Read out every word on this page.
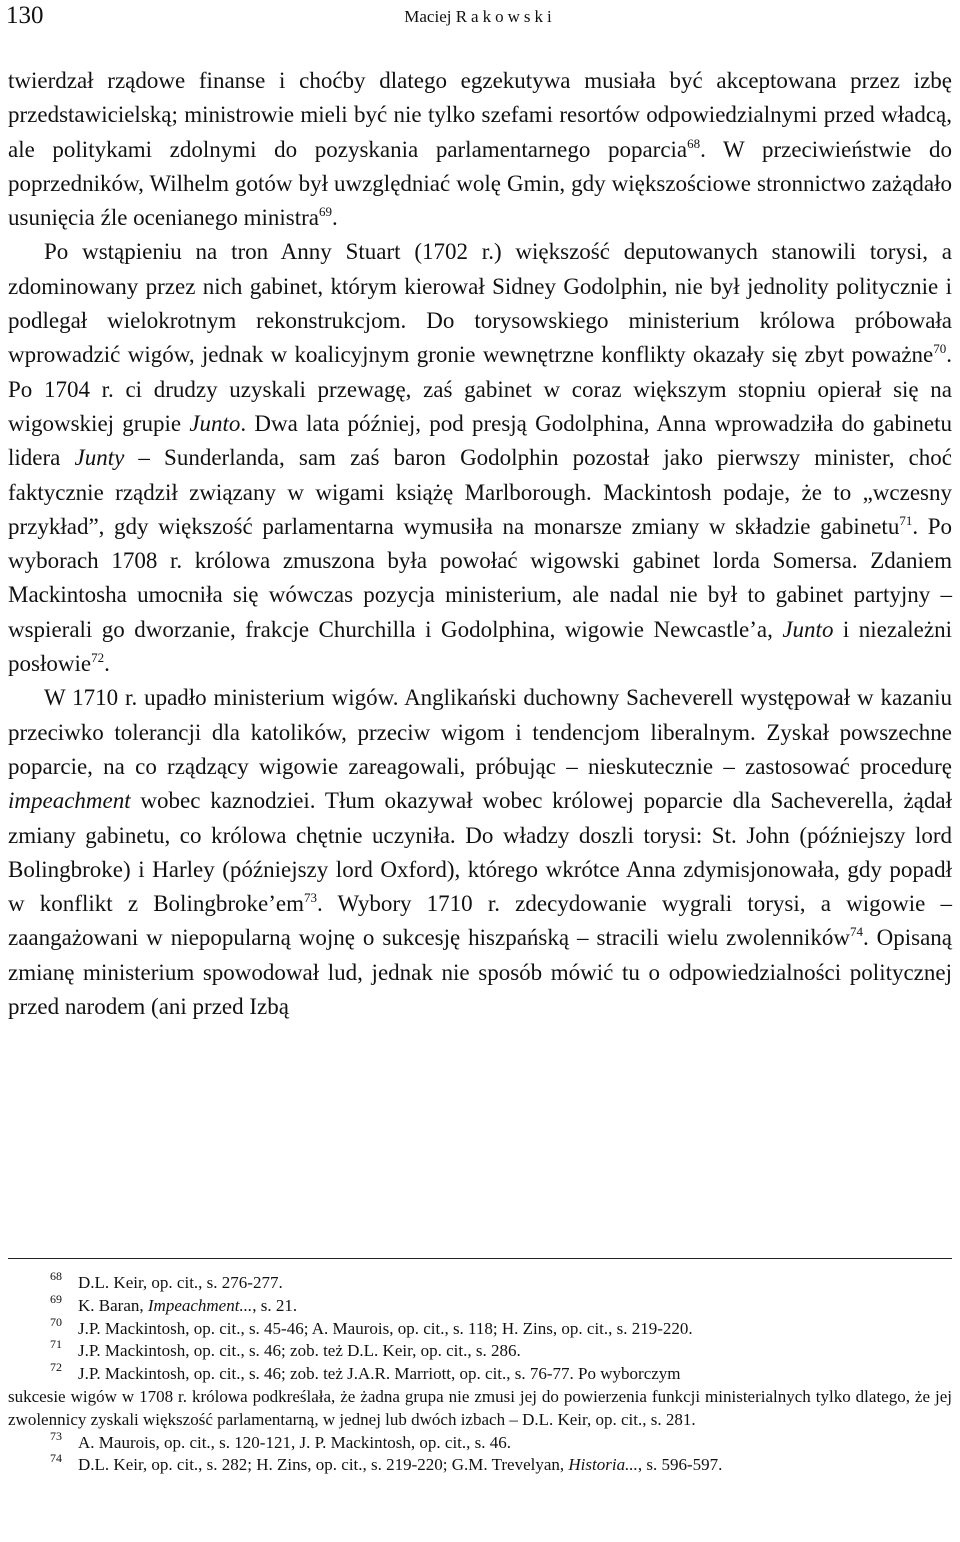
130	Maciej Rakowski

twierdzał rządowe finanse i choćby dlatego egzekutywa musiała być akceptowana przez izbę przedstawicielską; ministrowie mieli być nie tylko szefami resortów odpowiedzialnymi przed władcą, ale politykami zdolnymi do pozyskania parlamentarnego poparcia$^{68}$. W przeciwieństwie do poprzedników, Wilhelm gotów był uwzględniać wolę Gmin, gdy większościowe stronnictwo zażądało usunięcia źle ocenianego ministra$^{69}$.

Po wstąpieniu na tron Anny Stuart (1702 r.) większość deputowanych stanowili torysi, a zdominowany przez nich gabinet, którym kierował Sidney Godolphin, nie był jednolity politycznie i podlegał wielokrotnym rekonstrukcjom. Do torysowskiego ministerium królowa próbowała wprowadzić wigów, jednak w koalicyjnym gronie wewnętrzne konflikty okazały się zbyt poważne$^{70}$. Po 1704 r. ci drudzy uzyskali przewagę, zaś gabinet w coraz większym stopniu opierał się na wigowskiej grupie Junto. Dwa lata później, pod presją Godolphina, Anna wprowadziła do gabinetu lidera Junty – Sunderlanda, sam zaś baron Godolphin pozostał jako pierwszy minister, choć faktycznie rządził związany w wigami książę Marlborough. Mackintosh podaje, że to „wczesny przykład”, gdy większość parlamentarna wymusiła na monarsze zmiany w składzie gabinetu$^{71}$. Po wyborach 1708 r. królowa zmuszona była powołać wigowski gabinet lorda Somersa. Zdaniem Mackintosha umocniła się wówczas pozycja ministerium, ale nadal nie był to gabinet partyjny – wspierali go dworzanie, frakcje Churchilla i Godolphina, wigowie Newcastle’a, Junto i niezależni posłowie$^{72}$.

W 1710 r. upadło ministerium wigów. Anglikański duchowny Sacheverell występował w kazaniu przeciwko tolerancji dla katolików, przeciw wigom i tendencjom liberalnym. Zyskał powszechne poparcie, na co rządzący wigowie zareagowali, próbując – nieskutecznie – zastosować procedurę impeachment wobec kaznodziei. Tłum okazywał wobec królowej poparcie dla Sacheverella, żądał zmiany gabinetu, co królowa chętnie uczyniła. Do władzy doszli torysi: St. John (późniejszy lord Bolingbroke) i Harley (późniejszy lord Oxford), którego wkrótce Anna zdymisjonowała, gdy popadł w konflikt z $Bolingbroke’em^{73}$. Wybory 1710 r. zdecydowanie wygrali torysi, a wigowie – zaangażowani w niepopularną wojnę o sukcesję hiszpańską – stracili wielu zwolenników$^{74}$. Opisaną zmianę ministerium spowodował lud, jednak nie sposób mówić tu o odpowiedzialności politycznej przed narodem (ani przed Izbą

68 D.L. Keir, op. cit., s. 276-277.

69 K. Baran, Impeachment..., s. 21.

70 J.P. Mackintosh, op. cit., s. 45-46; A. Maurois, op. cit., s. 118; H. Zins, op. cit., s. 219-220.

71 J.P. Mackintosh, op. cit., s. 46; zob. też D.L. Keir, op. cit., s. 286.

72 J.P. Mackintosh, op. cit., s. 46; zob. też J.A.R. Marriott, op. cit., s. 76-77. Po wyborczym

sukcesie wigów w 1708 r. królowa podkreślała, że żadna grupa nie zmusi jej do powierzenia funkcji ministerialnych tylko dlatego, że jej zwolennicy zyskali większość parlamentarną, w jednej lub dwóch izbach – D.L. Keir, op. cit., s. 281.

73 A. Maurois, op. cit., s. 120-121, J. P. Mackintosh, op. cit., s. 46.

74 D.L. Keir, op. cit., s. 282; H. Zins, op. cit., s. 219-220; G.M. Trevelyan, Historia..., s. 596-597.
